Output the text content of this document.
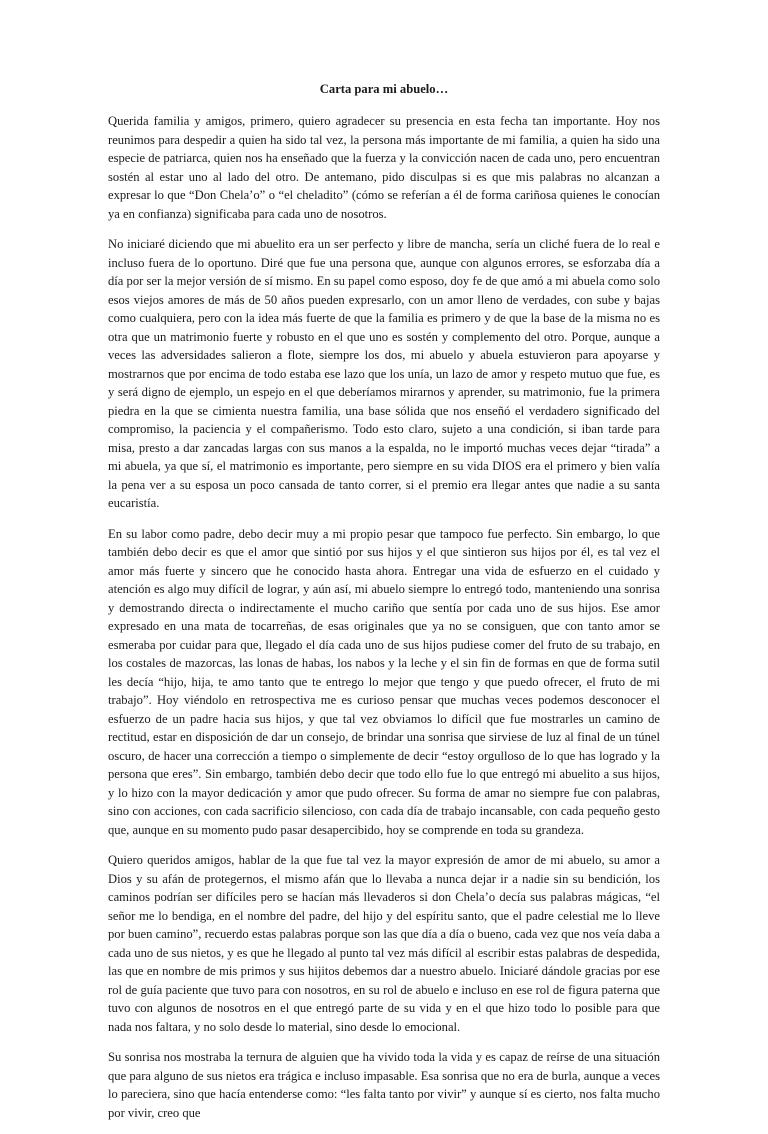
Carta para mi abuelo…

Querida familia y amigos, primero, quiero agradecer su presencia en esta fecha tan importante. Hoy nos reunimos para despedir a quien ha sido tal vez, la persona más importante de mi familia, a quien ha sido una especie de patriarca, quien nos ha enseñado que la fuerza y la convicción nacen de cada uno, pero encuentran sostén al estar uno al lado del otro. De antemano, pido disculpas si es que mis palabras no alcanzan a expresar lo que “Don Chela’o” o “el cheladito” (cómo se referían a él de forma cariñosa quienes le conocían ya en confianza) significaba para cada uno de nosotros.

No iniciaré diciendo que mi abuelito era un ser perfecto y libre de mancha, sería un cliché fuera de lo real e incluso fuera de lo oportuno. Diré que fue una persona que, aunque con algunos errores, se esforzaba día a día por ser la mejor versión de sí mismo. En su papel como esposo, doy fe de que amó a mi abuela como solo esos viejos amores de más de 50 años pueden expresarlo, con un amor lleno de verdades, con sube y bajas como cualquiera, pero con la idea más fuerte de que la familia es primero y de que la base de la misma no es otra que un matrimonio fuerte y robusto en el que uno es sostén y complemento del otro. Porque, aunque a veces las adversidades salieron a flote, siempre los dos, mi abuelo y abuela estuvieron para apoyarse y mostrarnos que por encima de todo estaba ese lazo que los unía, un lazo de amor y respeto mutuo que fue, es y será digno de ejemplo, un espejo en el que deberíamos mirarnos y aprender, su matrimonio, fue la primera piedra en la que se cimienta nuestra familia, una base sólida que nos enseñó el verdadero significado del compromiso, la paciencia y el compañerismo. Todo esto claro, sujeto a una condición, si iban tarde para misa, presto a dar zancadas largas con sus manos a la espalda, no le importó muchas veces dejar “tirada” a mi abuela, ya que sí, el matrimonio es importante, pero siempre en su vida DIOS era el primero y bien valía la pena ver a su esposa un poco cansada de tanto correr, si el premio era llegar antes que nadie a su santa eucaristía.

En su labor como padre, debo decir muy a mi propio pesar que tampoco fue perfecto. Sin embargo, lo que también debo decir es que el amor que sintió por sus hijos y el que sintieron sus hijos por él, es tal vez el amor más fuerte y sincero que he conocido hasta ahora. Entregar una vida de esfuerzo en el cuidado y atención es algo muy difícil de lograr, y aún así, mi abuelo siempre lo entregó todo, manteniendo una sonrisa y demostrando directa o indirectamente el mucho cariño que sentía por cada uno de sus hijos. Ese amor expresado en una mata de tocarreñas, de esas originales que ya no se consiguen, que con tanto amor se esmeraba por cuidar para que, llegado el día cada uno de sus hijos pudiese comer del fruto de su trabajo, en los costales de mazorcas, las lonas de habas, los nabos y la leche y el sin fin de formas en que de forma sutil les decía “hijo, hija, te amo tanto que te entrego lo mejor que tengo y que puedo ofrecer, el fruto de mi trabajo”. Hoy viéndolo en retrospectiva me es curioso pensar que muchas veces podemos desconocer el esfuerzo de un padre hacia sus hijos, y que tal vez obviamos lo difícil que fue mostrarles un camino de rectitud, estar en disposición de dar un consejo, de brindar una sonrisa que sirviese de luz al final de un túnel oscuro, de hacer una corrección a tiempo o simplemente de decir “estoy orgulloso de lo que has logrado y la persona que eres”. Sin embargo, también debo decir que todo ello fue lo que entregó mi abuelito a sus hijos, y lo hizo con la mayor dedicación y amor que pudo ofrecer. Su forma de amar no siempre fue con palabras, sino con acciones, con cada sacrificio silencioso, con cada día de trabajo incansable, con cada pequeño gesto que, aunque en su momento pudo pasar desapercibido, hoy se comprende en toda su grandeza.

Quiero queridos amigos, hablar de la que fue tal vez la mayor expresión de amor de mi abuelo, su amor a Dios y su afán de protegernos, el mismo afán que lo llevaba a nunca dejar ir a nadie sin su bendición, los caminos podrían ser difíciles pero se hacían más llevaderos si don Chela’o decía sus palabras mágicas, “el señor me lo bendiga, en el nombre del padre, del hijo y del espíritu santo, que el padre celestial me lo lleve por buen camino”, recuerdo estas palabras porque son las que día a día o bueno, cada vez que nos veía daba a cada uno de sus nietos, y es que he llegado al punto tal vez más difícil al escribir estas palabras de despedida, las que en nombre de mis primos y sus hijitos debemos dar a nuestro abuelo. Iniciaré dándole gracias por ese rol de guía paciente que tuvo para con nosotros, en su rol de abuelo e incluso en ese rol de figura paterna que tuvo con algunos de nosotros en el que entregó parte de su vida y en el que hizo todo lo posible para que nada nos faltara, y no solo desde lo material, sino desde lo emocional.

Su sonrisa nos mostraba la ternura de alguien que ha vivido toda la vida y es capaz de reírse de una situación que para alguno de sus nietos era trágica e incluso impasable. Esa sonrisa que no era de burla, aunque a veces lo pareciera, sino que hacía entenderse como: “les falta tanto por vivir” y aunque sí es cierto, nos falta mucho por vivir, creo que
